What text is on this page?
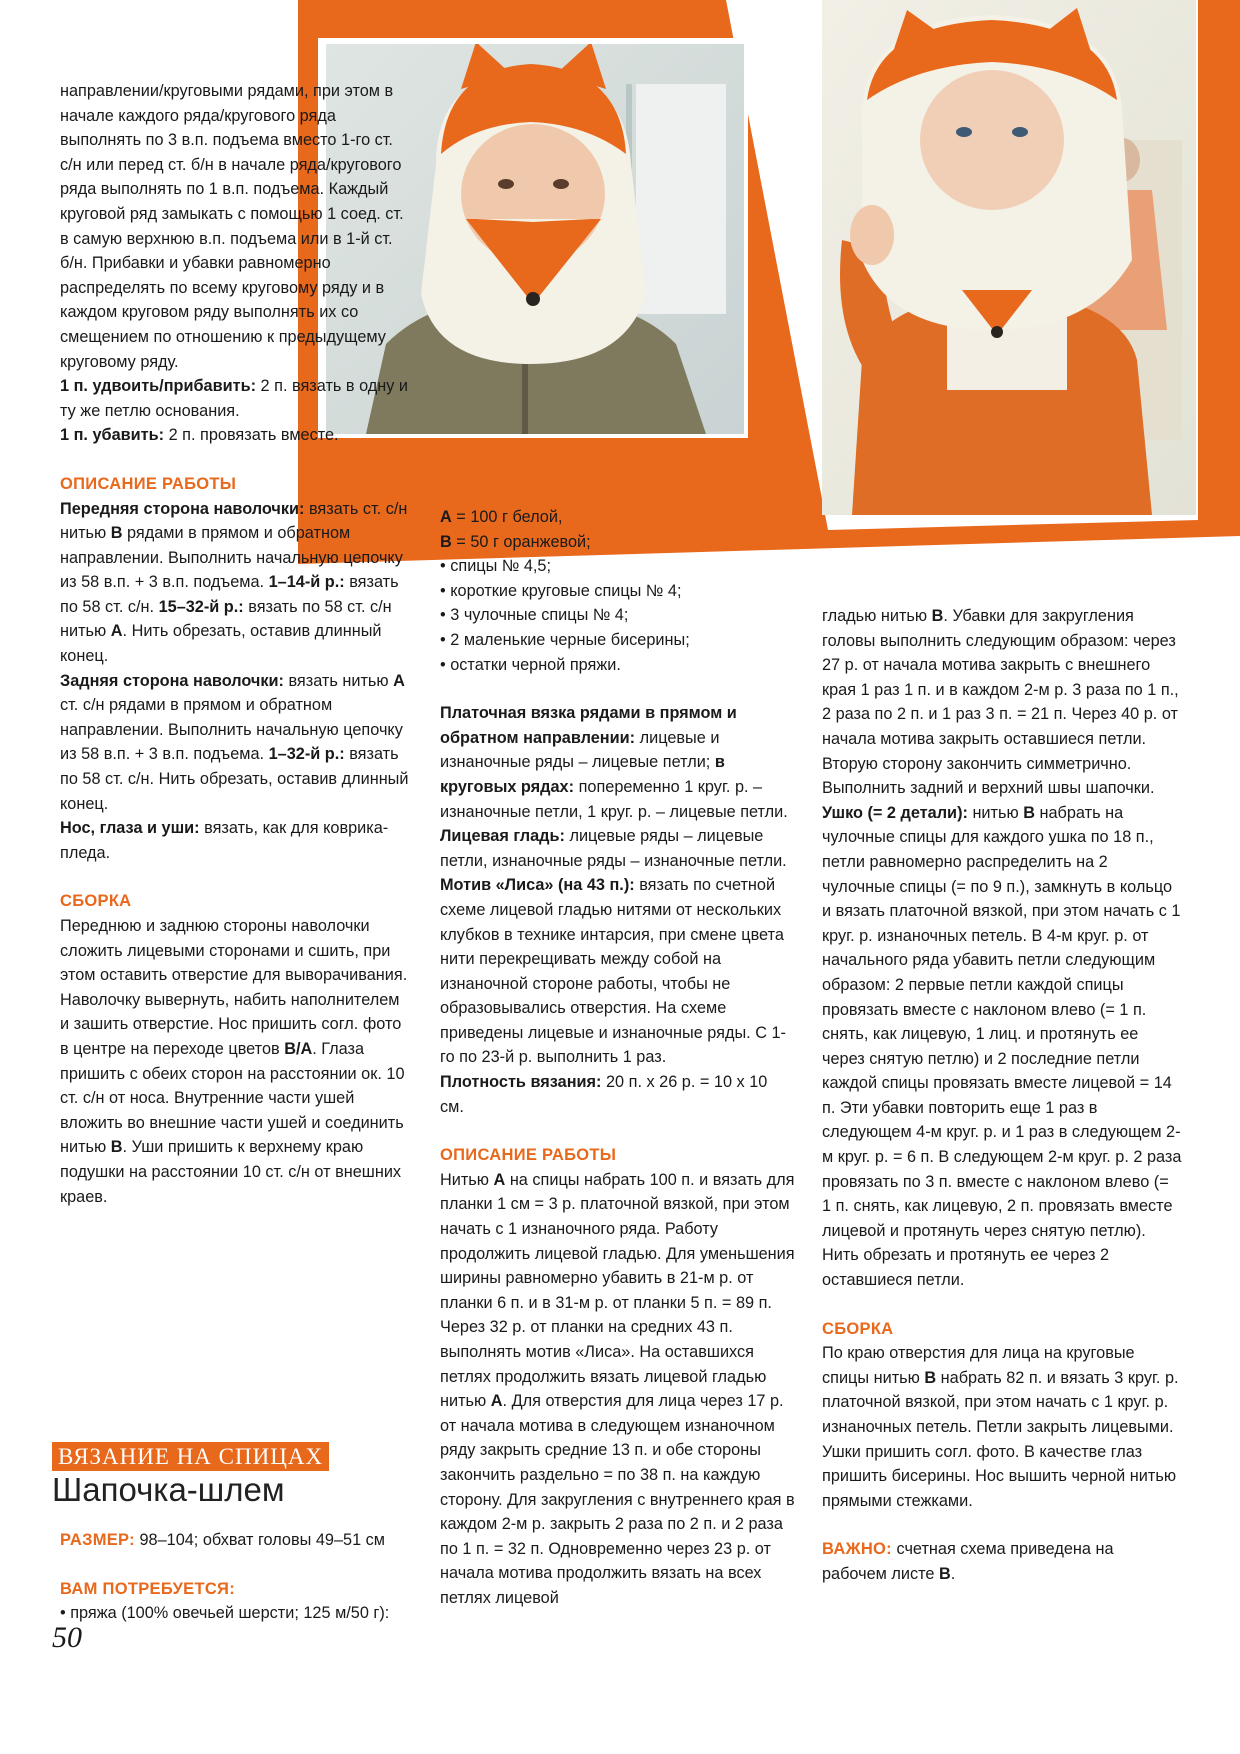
направлении/круговыми рядами, при этом в начале каждого ряда/кругового ряда выполнять по 3 в.п. подъема вместо 1-го ст. с/н или перед ст. б/н в начале ряда/кругового ряда выполнять по 1 в.п. подъема. Каждый круговой ряд замыкать с помощью 1 соед. ст. в самую верхнюю в.п. подъема или в 1-й ст. б/н. Прибавки и убавки равномерно распределять по всему круговому ряду и в каждом круговом ряду выполнять их со смещением по отношению к предыдущему круговому ряду.

1 п. удвоить/прибавить: 2 п. вязать в одну и ту же петлю основания.

1 п. убавить: 2 п. провязать вместе.

ОПИСАНИЕ РАБОТЫ

Передняя сторона наволочки: вязать ст. с/н нитью B рядами в прямом и обратном направлении. Выполнить начальную цепочку из 58 в.п. + 3 в.п. подъема. 1–14-й р.: вязать по 58 ст. с/н. 15–32-й р.: вязать по 58 ст. с/н нитью A. Нить обрезать, оставив длинный конец.

Задняя сторона наволочки: вязать нитью A ст. с/н рядами в прямом и обратном направлении. Выполнить начальную цепочку из 58 в.п. + 3 в.п. подъема. 1–32-й р.: вязать по 58 ст. с/н. Нить обрезать, оставив длинный конец.

Нос, глаза и уши: вязать, как для коврика-пледа.

СБОРКА

Переднюю и заднюю стороны наволочки сложить лицевыми сторонами и сшить, при этом оставить отверстие для выворачивания. Наволочку вывернуть, набить наполнителем и зашить отверстие. Нос пришить согл. фото в центре на переходе цветов B/A. Глаза пришить с обеих сторон на расстоянии ок. 10 ст. с/н от носа. Внутренние части ушей вложить во внешние части ушей и соединить нитью B. Уши пришить к верхнему краю подушки на расстоянии 10 ст. с/н от внешних краев.

ВЯЗАНИЕ НА СПИЦАХ
Шапочка-шлем

РАЗМЕР: 98–104; обхват головы 49–51 см

ВАМ ПОТРЕБУЕТСЯ:

• пряжа (100% овечьей шерсти; 125 м/50 г):

50

A = 100 г белой,

B = 50 г оранжевой;

• спицы № 4,5;
• короткие круговые спицы № 4;
• 3 чулочные спицы № 4;
• 2 маленькие черные бисерины;
• остатки черной пряжи.

Платочная вязка рядами в прямом и обратном направлении: лицевые и изнаночные ряды – лицевые петли; в круговых рядах: попеременно 1 круг. р. – изнаночные петли, 1 круг. р. – лицевые петли.

Лицевая гладь: лицевые ряды – лицевые петли, изнаночные ряды – изнаночные петли.

Мотив «Лиса» (на 43 п.): вязать по счетной схеме лицевой гладью нитями от нескольких клубков в технике интарсия, при смене цвета нити перекрещивать между собой на изнаночной стороне работы, чтобы не образовывались отверстия. На схеме приведены лицевые и изнаночные ряды. С 1-го по 23-й р. выполнить 1 раз.

Плотность вязания: 20 п. х 26 р. = 10 х 10 см.

ОПИСАНИЕ РАБОТЫ

Нитью A на спицы набрать 100 п. и вязать для планки 1 см = 3 р. платочной вязкой, при этом начать с 1 изнаночного ряда. Работу продолжить лицевой гладью. Для уменьшения ширины равномерно убавить в 21-м р. от планки 6 п. и в 31-м р. от планки 5 п. = 89 п. Через 32 р. от планки на средних 43 п. выполнять мотив «Лиса». На оставшихся петлях продолжить вязать лицевой гладью нитью A. Для отверстия для лица через 17 р. от начала мотива в следующем изнаночном ряду закрыть средние 13 п. и обе стороны закончить раздельно = по 38 п. на каждую сторону. Для закругления с внутреннего края в каждом 2-м р. закрыть 2 раза по 2 п. и 2 раза по 1 п. = 32 п. Одновременно через 23 р. от начала мотива продолжить вязать на всех петлях лицевой

гладью нитью B. Убавки для закругления головы выполнить следующим образом: через 27 р. от начала мотива закрыть с внешнего края 1 раз 1 п. и в каждом 2-м р. 3 раза по 1 п., 2 раза по 2 п. и 1 раз 3 п. = 21 п. Через 40 р. от начала мотива закрыть оставшиеся петли. Вторую сторону закончить симметрично. Выполнить задний и верхний швы шапочки.

Ушко (= 2 детали): нитью B набрать на чулочные спицы для каждого ушка по 18 п., петли равномерно распределить на 2 чулочные спицы (= по 9 п.), замкнуть в кольцо и вязать платочной вязкой, при этом начать с 1 круг. р. изнаночных петель. В 4-м круг. р. от начального ряда убавить петли следующим образом: 2 первые петли каждой спицы провязать вместе с наклоном влево (= 1 п. снять, как лицевую, 1 лиц. и протянуть ее через снятую петлю) и 2 последние петли каждой спицы провязать вместе лицевой = 14 п. Эти убавки повторить еще 1 раз в следующем 4-м круг. р. и 1 раз в следующем 2-м круг. р. = 6 п. В следующем 2-м круг. р. 2 раза провязать по 3 п. вместе с наклоном влево (= 1 п. снять, как лицевую, 2 п. провязать вместе лицевой и протянуть через снятую петлю). Нить обрезать и протянуть ее через 2 оставшиеся петли.

СБОРКА

По краю отверстия для лица на круговые спицы нитью B набрать 82 п. и вязать 3 круг. р. платочной вязкой, при этом начать с 1 круг. р. изнаночных петель. Петли закрыть лицевыми. Ушки пришить согл. фото. В качестве глаз пришить бисерины. Нос вышить черной нитью прямыми стежками.

ВАЖНО: счетная схема приведена на рабочем листе B.
